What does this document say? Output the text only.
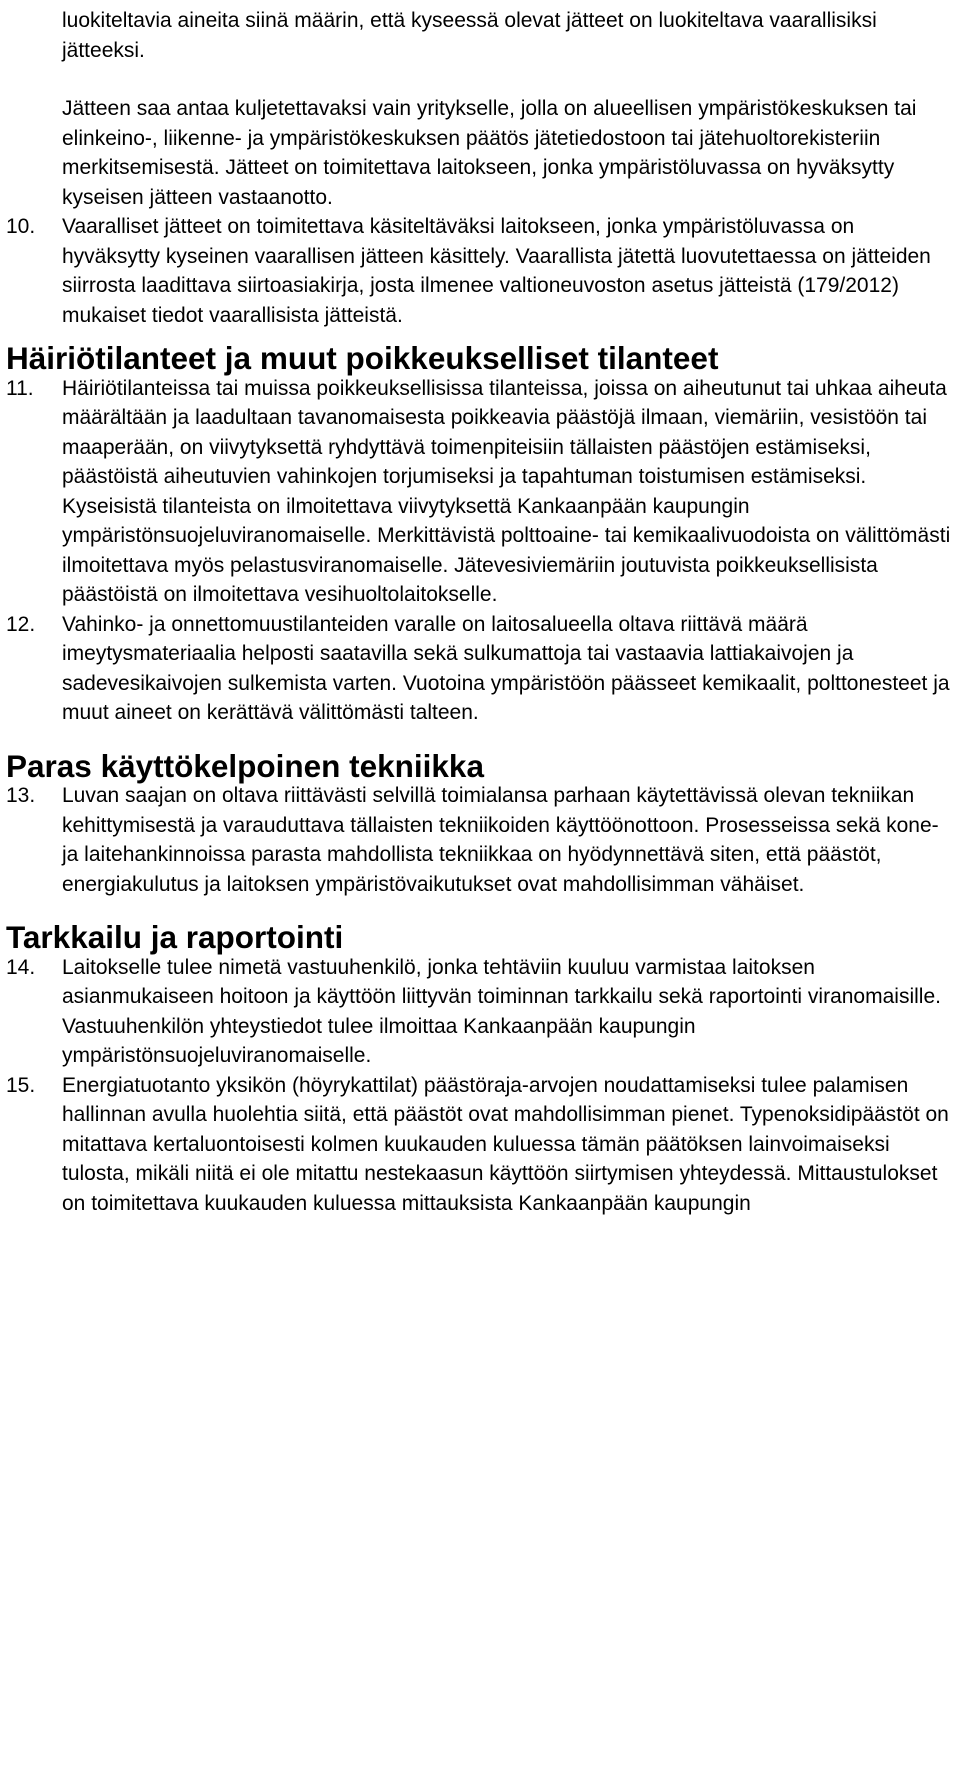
luokiteltavia aineita siinä määrin, että kyseessä olevat jätteet on luokiteltava vaarallisiksi jätteeksi.

Jätteen saa antaa kuljetettavaksi vain yritykselle, jolla on alueellisen ympäristökeskuksen tai elinkeino-, liikenne- ja ympäristökeskuksen päätös jätetiedostoon tai jätehuoltorekisteriin merkitsemisestä. Jätteet on toimitettava laitokseen, jonka ympäristöluvassa on hyväksytty kyseisen jätteen vastaanotto.

10.	Vaaralliset jätteet on toimitettava käsiteltäväksi laitokseen, jonka ympäristöluvassa on hyväksytty kyseinen vaarallisen jätteen käsittely. Vaarallista jätettä luovutettaessa on jätteiden siirrosta laadittava siirtoasiakirja, josta ilmenee valtioneuvoston asetus jätteistä (179/2012) mukaiset tiedot vaarallisista jätteistä.
Häiriötilanteet ja muut poikkeukselliset tilanteet
11.	Häiriötilanteissa tai muissa poikkeuksellisissa tilanteissa, joissa on aiheutunut tai uhkaa aiheuta määrältään ja laadultaan tavanomaisesta poikkeavia päästöjä ilmaan, viemäriin, vesistöön tai maaperään, on viivytyksettä ryhdyttävä toimenpiteisiin tällaisten päästöjen estämiseksi, päästöistä aiheutuvien vahinkojen torjumiseksi ja tapahtuman toistumisen estämiseksi. Kyseisistä tilanteista on ilmoitettava viivytyksettä Kankaanpään kaupungin ympäristönsuojeluviranomaiselle. Merkittävistä polttoaine- tai kemikaalivuodoista on välittömästi ilmoitettava myös pelastusviranomaiselle. Jätevesiviemäriin joutuvista poikkeuksellisista päästöistä on ilmoitettava vesihuoltolaitokselle.
12.	Vahinko- ja onnettomuustilanteiden varalle on laitosalueella oltava riittävä määrä imeytysmateriaalia helposti saatavilla sekä sulkumattoja tai vastaavia lattiakaivojen ja sadevesikaivojen sulkemista varten. Vuotoina ympäristöön päässeet kemikaalit, polttonesteet ja muut aineet on kerättävä välittömästi talteen.
Paras käyttökelpoinen tekniikka
13.	Luvan saajan on oltava riittävästi selvillä toimialansa parhaan käytettävissä olevan tekniikan kehittymisestä ja varauduttava tällaisten tekniikoiden käyttöönottoon. Prosesseissa sekä kone- ja laitehankinnoissa parasta mahdollista tekniikkaa on hyödynnettävä siten, että päästöt, energiakulutus ja laitoksen ympäristövaikutukset ovat mahdollisimman vähäiset.
Tarkkailu ja raportointi
14.	Laitokselle tulee nimetä vastuuhenkilö, jonka tehtäviin kuuluu varmistaa laitoksen asianmukaiseen hoitoon ja käyttöön liittyvän toiminnan tarkkailu sekä raportointi viranomaisille. Vastuuhenkilön yhteystiedot tulee ilmoittaa Kankaanpään kaupungin ympäristönsuojeluviranomaiselle.
15.	Energiatuotanto yksikön (höyrykattilat) päästöraja-arvojen noudattamiseksi tulee palamisen hallinnan avulla huolehtia siitä, että päästöt ovat mahdollisimman pienet. Typenoksidipäästöt on mitattava kertaluontoisesti kolmen kuukauden kuluessa tämän päätöksen lainvoimaiseksi tulosta, mikäli niitä ei ole mitattu nestekaasun käyttöön siirtymisen yhteydessä. Mittaustulokset on toimitettava kuukauden kuluessa mittauksista Kankaanpään kaupungin
